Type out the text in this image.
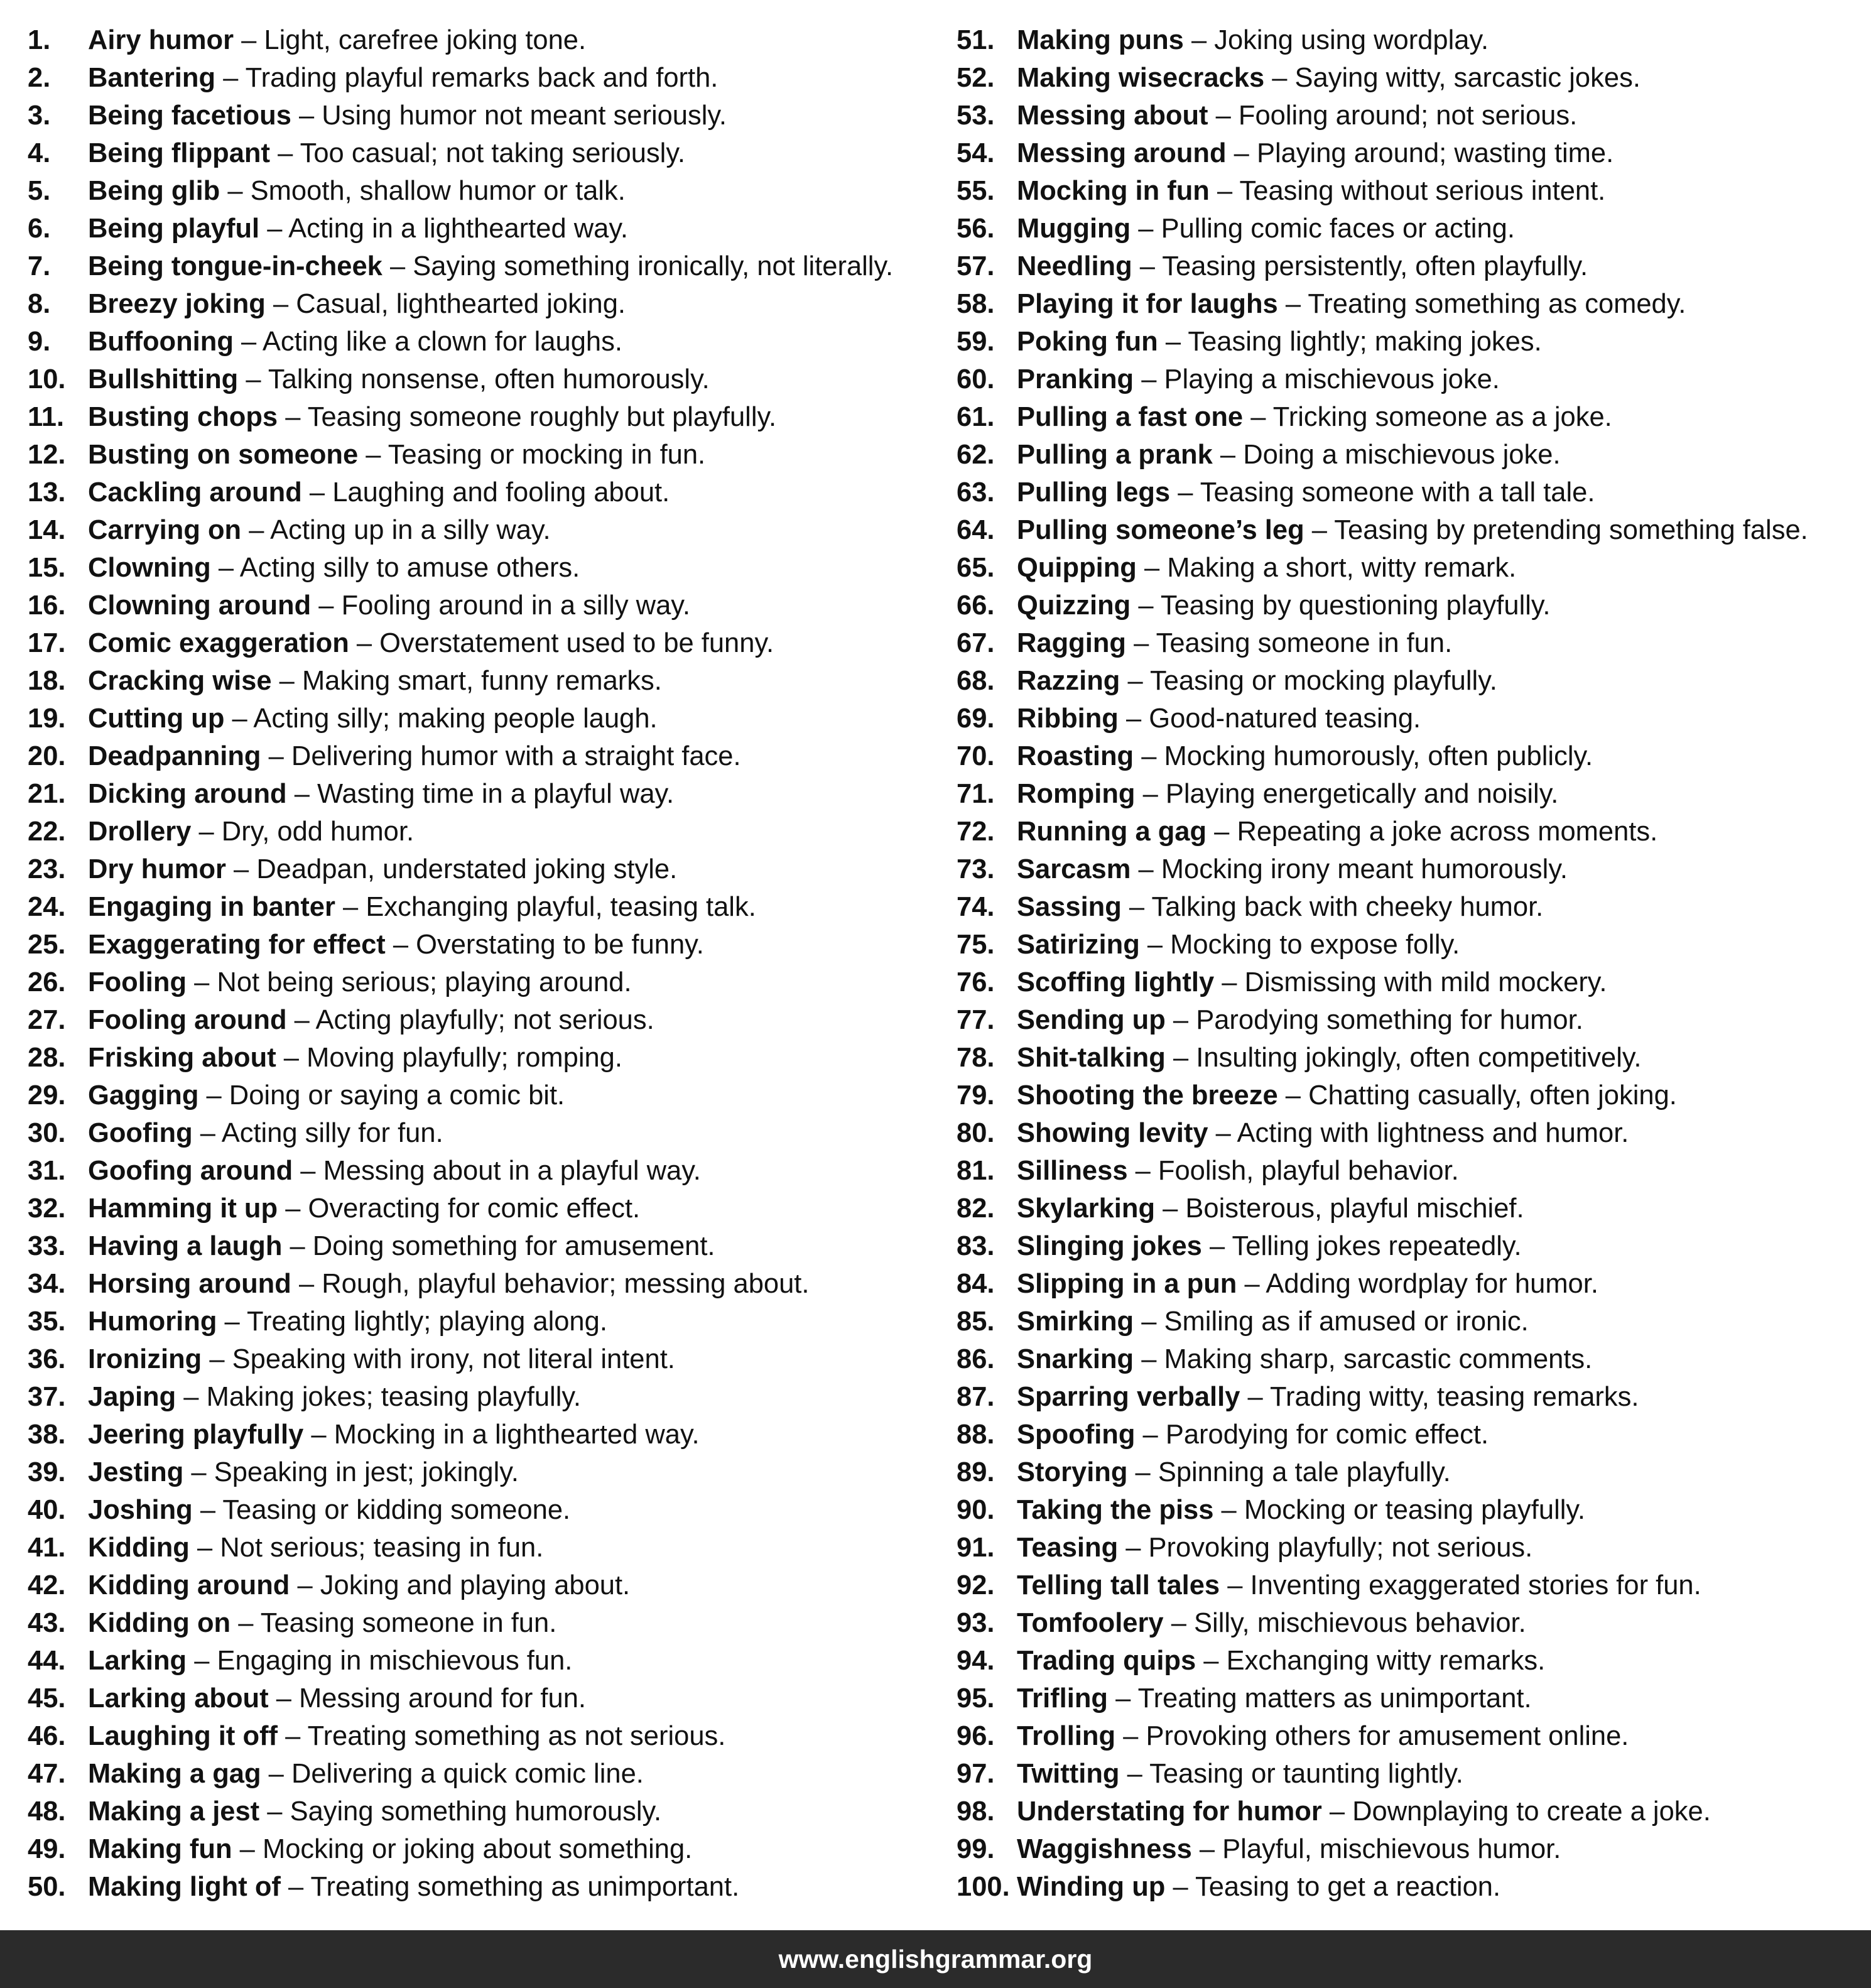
1. Airy humor – Light, carefree joking tone.
2. Bantering – Trading playful remarks back and forth.
3. Being facetious – Using humor not meant seriously.
4. Being flippant – Too casual; not taking seriously.
5. Being glib – Smooth, shallow humor or talk.
6. Being playful – Acting in a lighthearted way.
7. Being tongue-in-cheek – Saying something ironically, not literally.
8. Breezy joking – Casual, lighthearted joking.
9. Buffooning – Acting like a clown for laughs.
10. Bullshitting – Talking nonsense, often humorously.
11. Busting chops – Teasing someone roughly but playfully.
12. Busting on someone – Teasing or mocking in fun.
13. Cackling around – Laughing and fooling about.
14. Carrying on – Acting up in a silly way.
15. Clowning – Acting silly to amuse others.
16. Clowning around – Fooling around in a silly way.
17. Comic exaggeration – Overstatement used to be funny.
18. Cracking wise – Making smart, funny remarks.
19. Cutting up – Acting silly; making people laugh.
20. Deadpanning – Delivering humor with a straight face.
21. Dicking around – Wasting time in a playful way.
22. Drollery – Dry, odd humor.
23. Dry humor – Deadpan, understated joking style.
24. Engaging in banter – Exchanging playful, teasing talk.
25. Exaggerating for effect – Overstating to be funny.
26. Fooling – Not being serious; playing around.
27. Fooling around – Acting playfully; not serious.
28. Frisking about – Moving playfully; romping.
29. Gagging – Doing or saying a comic bit.
30. Goofing – Acting silly for fun.
31. Goofing around – Messing about in a playful way.
32. Hamming it up – Overacting for comic effect.
33. Having a laugh – Doing something for amusement.
34. Horsing around – Rough, playful behavior; messing about.
35. Humoring – Treating lightly; playing along.
36. Ironizing – Speaking with irony, not literal intent.
37. Japing – Making jokes; teasing playfully.
38. Jeering playfully – Mocking in a lighthearted way.
39. Jesting – Speaking in jest; jokingly.
40. Joshing – Teasing or kidding someone.
41. Kidding – Not serious; teasing in fun.
42. Kidding around – Joking and playing about.
43. Kidding on – Teasing someone in fun.
44. Larking – Engaging in mischievous fun.
45. Larking about – Messing around for fun.
46. Laughing it off – Treating something as not serious.
47. Making a gag – Delivering a quick comic line.
48. Making a jest – Saying something humorously.
49. Making fun – Mocking or joking about something.
50. Making light of – Treating something as unimportant.
51. Making puns – Joking using wordplay.
52. Making wisecracks – Saying witty, sarcastic jokes.
53. Messing about – Fooling around; not serious.
54. Messing around – Playing around; wasting time.
55. Mocking in fun – Teasing without serious intent.
56. Mugging – Pulling comic faces or acting.
57. Needling – Teasing persistently, often playfully.
58. Playing it for laughs – Treating something as comedy.
59. Poking fun – Teasing lightly; making jokes.
60. Pranking – Playing a mischievous joke.
61. Pulling a fast one – Tricking someone as a joke.
62. Pulling a prank – Doing a mischievous joke.
63. Pulling legs – Teasing someone with a tall tale.
64. Pulling someone’s leg – Teasing by pretending something false.
65. Quipping – Making a short, witty remark.
66. Quizzing – Teasing by questioning playfully.
67. Ragging – Teasing someone in fun.
68. Razzing – Teasing or mocking playfully.
69. Ribbing – Good-natured teasing.
70. Roasting – Mocking humorously, often publicly.
71. Romping – Playing energetically and noisily.
72. Running a gag – Repeating a joke across moments.
73. Sarcasm – Mocking irony meant humorously.
74. Sassing – Talking back with cheeky humor.
75. Satirizing – Mocking to expose folly.
76. Scoffing lightly – Dismissing with mild mockery.
77. Sending up – Parodying something for humor.
78. Shit-talking – Insulting jokingly, often competitively.
79. Shooting the breeze – Chatting casually, often joking.
80. Showing levity – Acting with lightness and humor.
81. Silliness – Foolish, playful behavior.
82. Skylarking – Boisterous, playful mischief.
83. Slinging jokes – Telling jokes repeatedly.
84. Slipping in a pun – Adding wordplay for humor.
85. Smirking – Smiling as if amused or ironic.
86. Snarking – Making sharp, sarcastic comments.
87. Sparring verbally – Trading witty, teasing remarks.
88. Spoofing – Parodying for comic effect.
89. Storying – Spinning a tale playfully.
90. Taking the piss – Mocking or teasing playfully.
91. Teasing – Provoking playfully; not serious.
92. Telling tall tales – Inventing exaggerated stories for fun.
93. Tomfoolery – Silly, mischievous behavior.
94. Trading quips – Exchanging witty remarks.
95. Trifling – Treating matters as unimportant.
96. Trolling – Provoking others for amusement online.
97. Twitting – Teasing or taunting lightly.
98. Understating for humor – Downplaying to create a joke.
99. Waggishness – Playful, mischievous humor.
100. Winding up – Teasing to get a reaction.
www.englishgrammar.org
